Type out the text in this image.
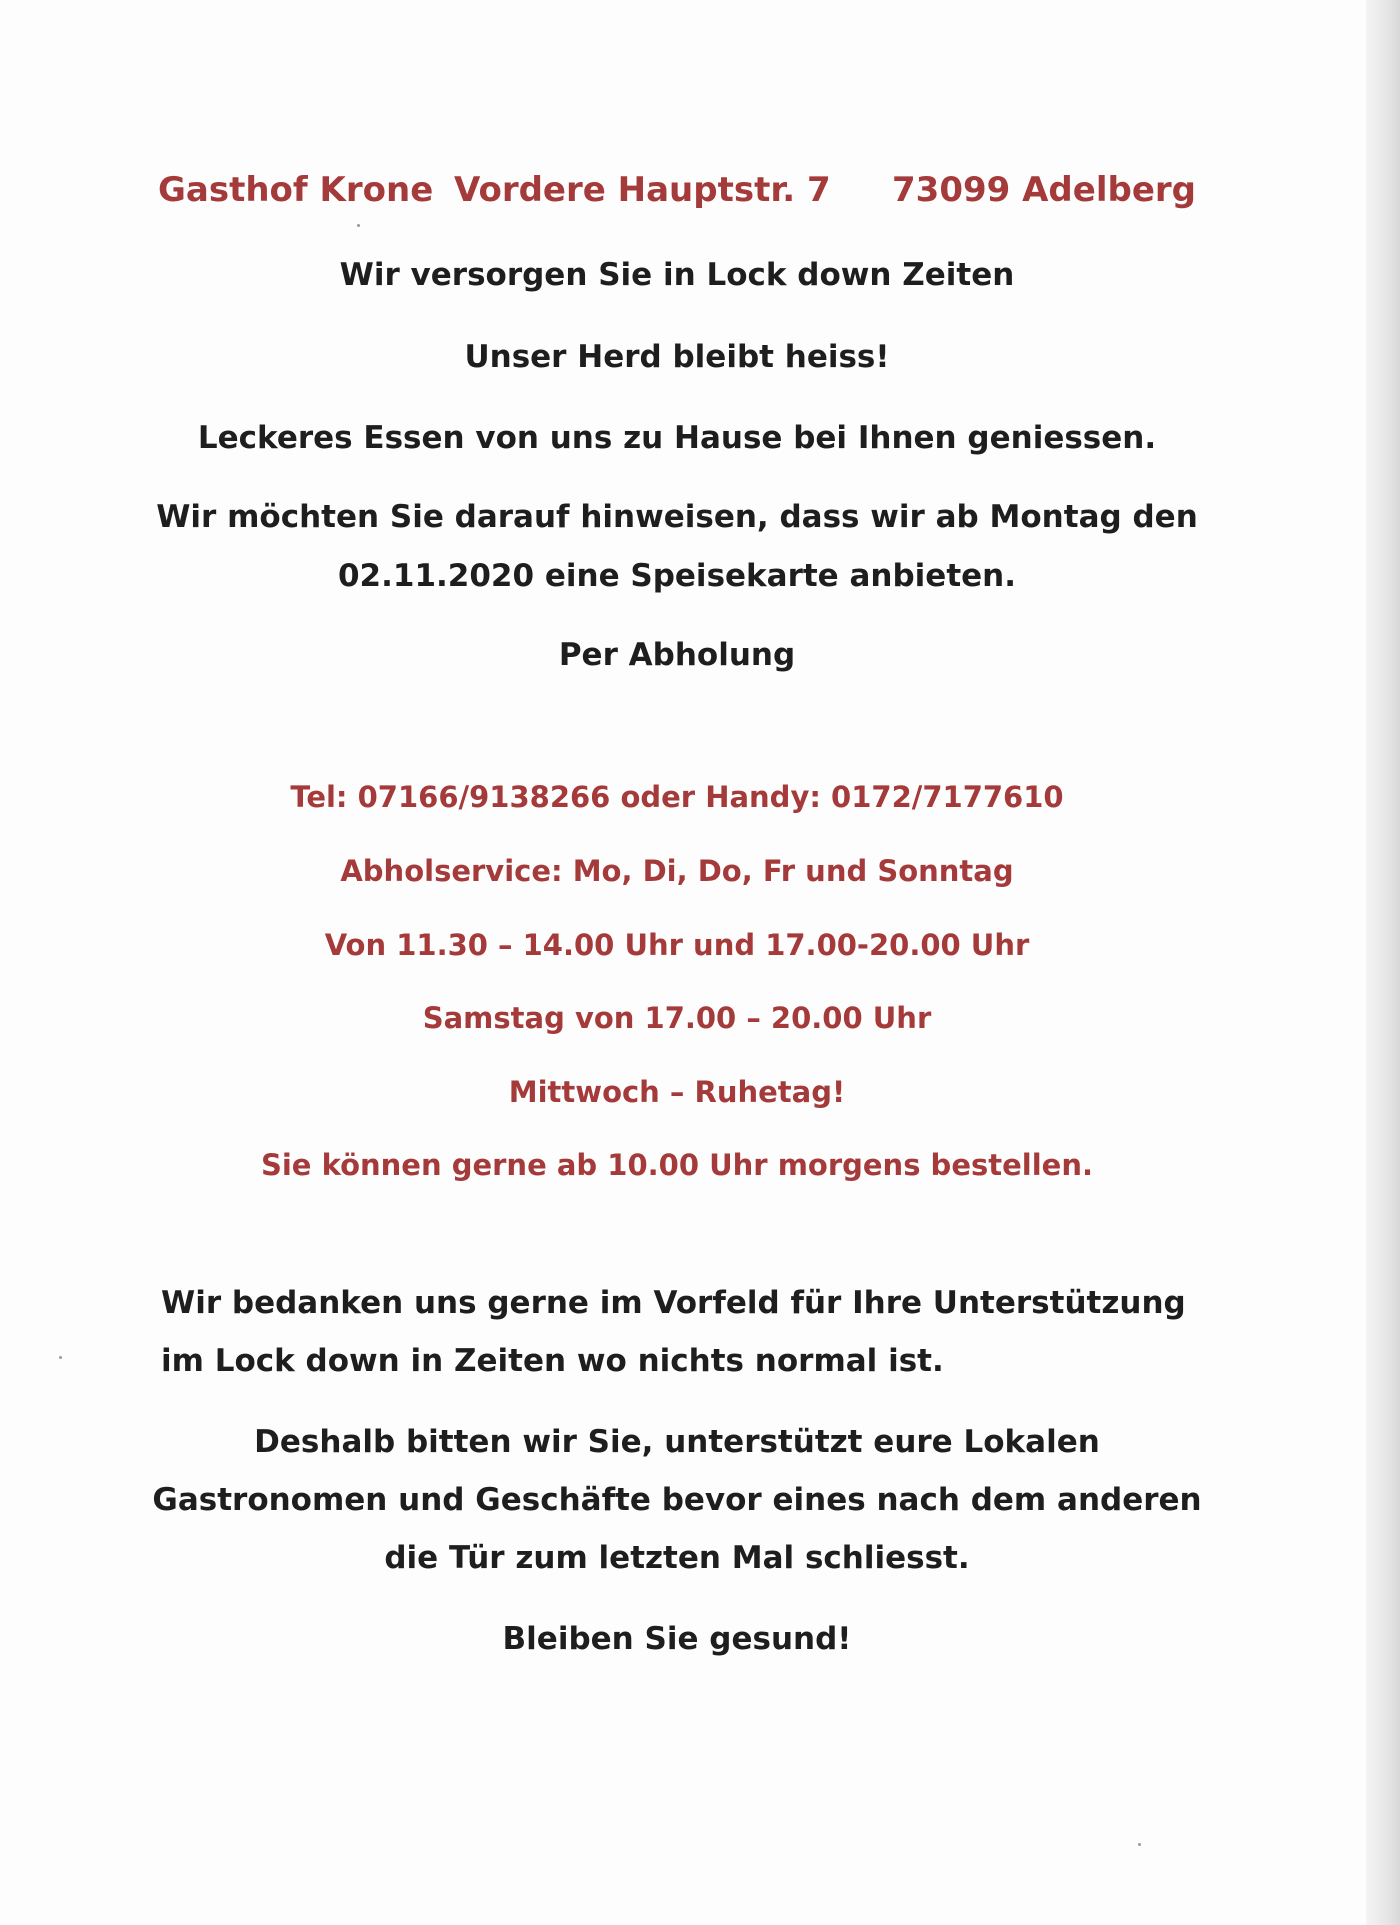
Gasthof Krone Vordere Hauptstr. 7 73099 Adelberg

Wir versorgen Sie in Lock down Zeiten

Unser Herd bleibt heiss!

Leckeres Essen von uns zu Hause bei Ihnen geniessen.

Wir möchten Sie darauf hinweisen, dass wir ab Montag den

02.11.2020 eine Speisekarte anbieten.

Per Abholung

Tel: 07166/9138266 oder Handy: 0172/7177610

Abholservice: Mo, Di, Do, Fr und Sonntag

Von 11.30 – 14.00 Uhr und 17.00-20.00 Uhr

Samstag von 17.00 – 20.00 Uhr

Mittwoch – Ruhetag!

Sie können gerne ab 10.00 Uhr morgens bestellen.

Wir bedanken uns gerne im Vorfeld für Ihre Unterstützung

im Lock down in Zeiten wo nichts normal ist.

Deshalb bitten wir Sie, unterstützt eure Lokalen

Gastronomen und Geschäfte bevor eines nach dem anderen

die Tür zum letzten Mal schliesst.

Bleiben Sie gesund!
